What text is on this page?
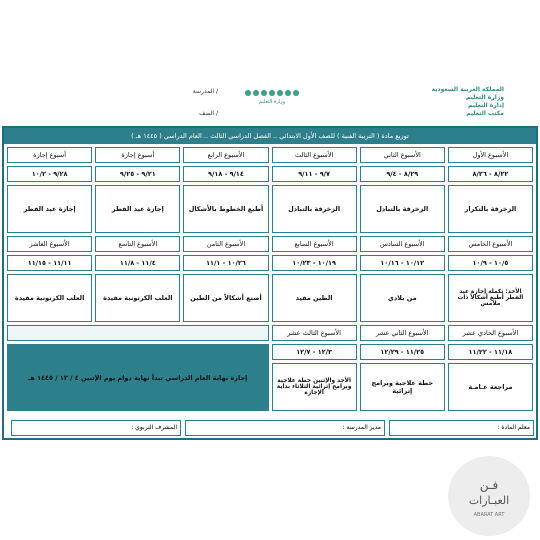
المملكة العربية السعودية
وزارة التعليم
إدارة التعليم
مكتب التعليم
وزارة التعليم
المدرسة /
الصف /
توزيع مادة ( التربية الفنية ) للصف الأول الابتدائي .. الفصل الدراسي الثالث .. العام الدراسي ( ١٤٤٥ هـ )
الأسبوع الأول	الأسبوع الثاني	الأسبوع الثالث	الأسبوع الرابع	أسبوع إجازة	أسبوع إجازة
٨/٢٢ - ٨/٢٦	٨/٢٩ - ٩/٤	٩/٧ - ٩/١١	٩/١٤ - ٩/١٨	٩/٢١ - ٩/٢٥	٩/٢٨ - ١٠/٢
الزخرفة بالتكرار	الزخرفة بالتبادل	الزخرفة بالتبادل	أطبع الخطوط بالأشكال	إجازة عيد الفطر	إجازة عيد الفطر
الأسبوع الخامس	الأسبوع السادس	الأسبوع السابع	الأسبوع الثامن	الأسبوع التاسع	الأسبوع العاشر
١٠/٥ - ١٠/٩	١٠/١٢ - ١٠/١٦	١٠/١٩ - ١٠/٢٣	١٠/٢٦ - ١١/١	١١/٤ - ١١/٨	١١/١١ - ١١/١٥
الأحد: تكملة إجازة عيد الفطر أطبع أشكالاً ذات ملامس	من بلادي	الطين مفيد	أصنع أشكالاً من الطين	العلب الكرتونية مفيدة	العلب الكرتونية مفيدة
الأسبوع الحادي عشر	الأسبوع الثاني عشر	الأسبوع الثالث عشر			
١١/١٨ - ١١/٢٢	١١/٢٥ - ١٢/٢٩	١٢/٣ - ١٢/٧	إجازة نهاية العام الدراسي تبدأ نهاية دوام يوم الإثنين ٤ / ١٢ / ١٤٤٥ هـ		
مراجعة عـامـة	خطة علاجية وبرامج إثرائية	الأحد والإثنين خطة علاجية وبرامج إثرائية الثلاثاء بداية الإجازة			
معلم المادة :
مدير المدرسة :
المشرف التربوي :
فـن
العبـارات
ABARAT ART
